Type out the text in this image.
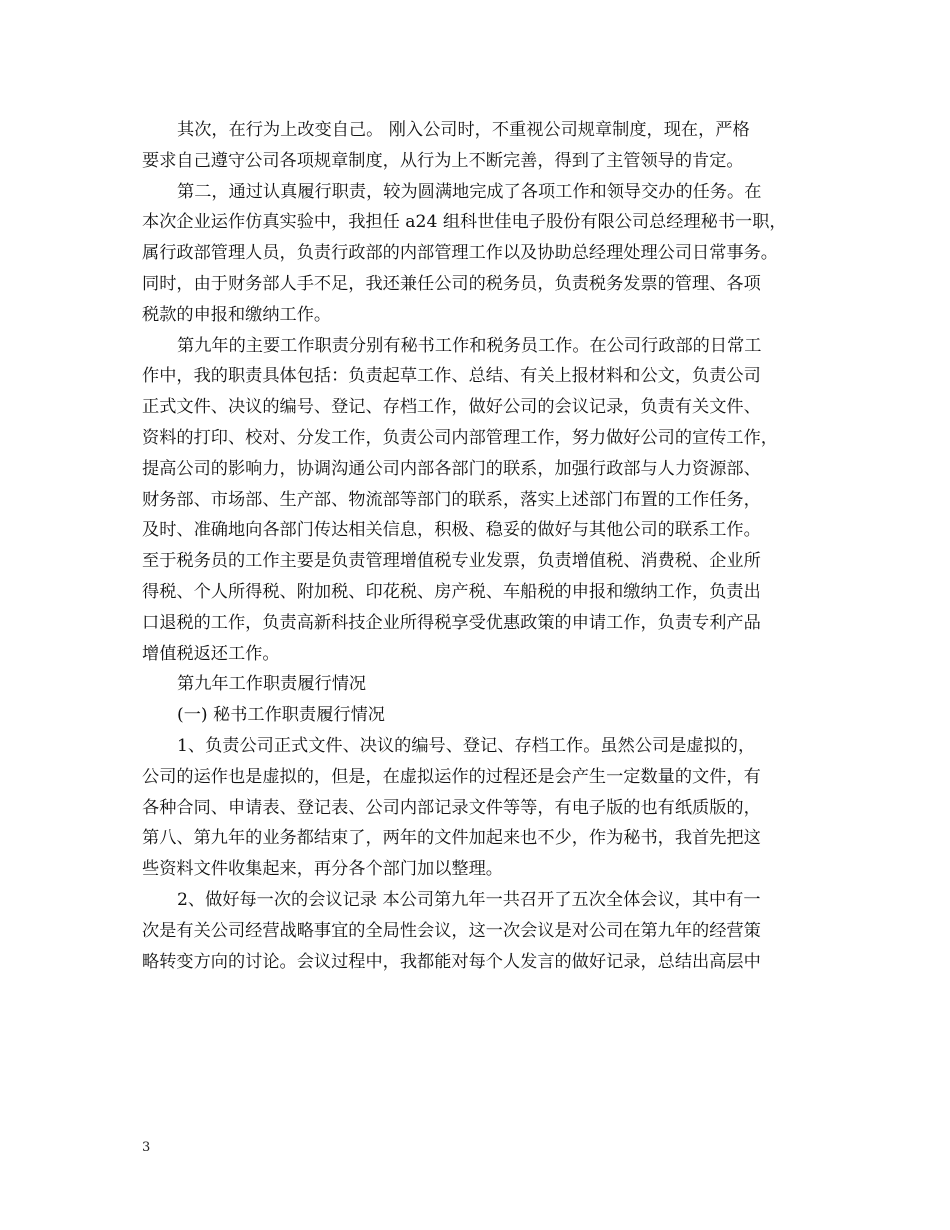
其次，在行为上改变自己。 刚入公司时，不重视公司规章制度，现在，严格
要求自己遵守公司各项规章制度，从行为上不断完善，得到了主管领导的肯定。

第二，通过认真履行职责，较为圆满地完成了各项工作和领导交办的任务。在
本次企业运作仿真实验中，我担任 a24 组科世佳电子股份有限公司总经理秘书一职，
属行政部管理人员，负责行政部的内部管理工作以及协助总经理处理公司日常事务。
同时，由于财务部人手不足，我还兼任公司的税务员，负责税务发票的管理、各项
税款的申报和缴纳工作。

第九年的主要工作职责分别有秘书工作和税务员工作。在公司行政部的日常工
作中，我的职责具体包括：负责起草工作、总结、有关上报材料和公文，负责公司
正式文件、决议的编号、登记、存档工作，做好公司的会议记录，负责有关文件、
资料的打印、校对、分发工作，负责公司内部管理工作，努力做好公司的宣传工作，
提高公司的影响力，协调沟通公司内部各部门的联系，加强行政部与人力资源部、
财务部、市场部、生产部、物流部等部门的联系，落实上述部门布置的工作任务，
及时、准确地向各部门传达相关信息，积极、稳妥的做好与其他公司的联系工作。
至于税务员的工作主要是负责管理增值税专业发票，负责增值税、消费税、企业所
得税、个人所得税、附加税、印花税、房产税、车船税的申报和缴纳工作，负责出
口退税的工作，负责高新科技企业所得税享受优惠政策的申请工作，负责专利产品
增值税返还工作。

第九年工作职责履行情况

(一) 秘书工作职责履行情况

1、负责公司正式文件、决议的编号、登记、存档工作。虽然公司是虚拟的，
公司的运作也是虚拟的，但是，在虚拟运作的过程还是会产生一定数量的文件，有
各种合同、申请表、登记表、公司内部记录文件等等，有电子版的也有纸质版的，
第八、第九年的业务都结束了，两年的文件加起来也不少，作为秘书，我首先把这
些资料文件收集起来，再分各个部门加以整理。

2、做好每一次的会议记录 本公司第九年一共召开了五次全体会议，其中有一
次是有关公司经营战略事宜的全局性会议，这一次会议是对公司在第九年的经营策
略转变方向的讨论。会议过程中，我都能对每个人发言的做好记录，总结出高层中

3
